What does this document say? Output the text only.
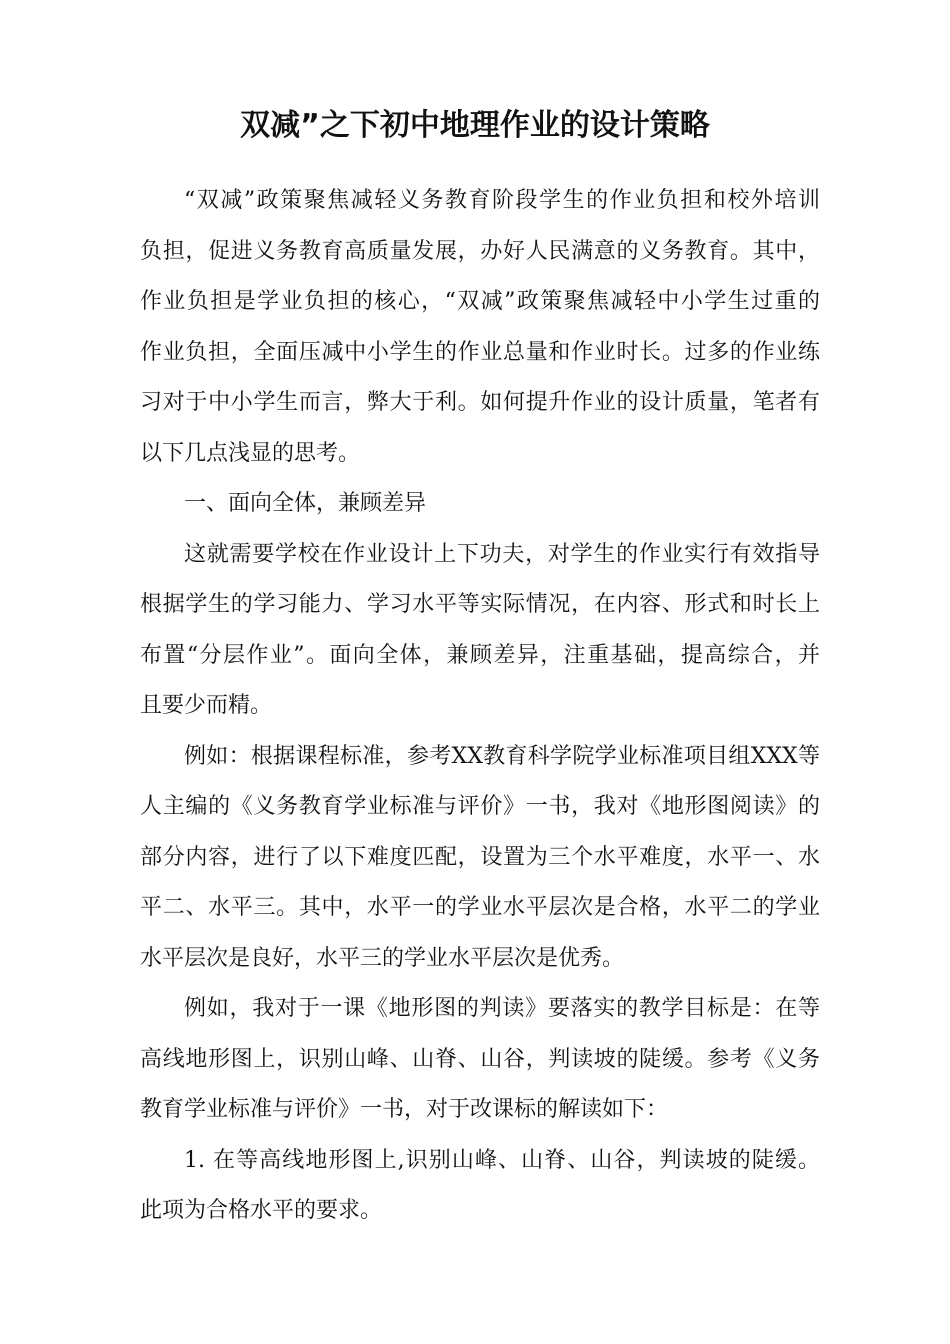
双减”之下初中地理作业的设计策略
“双减”政策聚焦减轻义务教育阶段学生的作业负担和校外培训
负担，促进义务教育高质量发展，办好人民满意的义务教育。其中，
作业负担是学业负担的核心，“双减”政策聚焦减轻中小学生过重的
作业负担，全面压减中小学生的作业总量和作业时长。过多的作业练
习对于中小学生而言，弊大于利。如何提升作业的设计质量，笔者有
以下几点浅显的思考。
一、面向全体，兼顾差异
这就需要学校在作业设计上下功夫，对学生的作业实行有效指导
根据学生的学习能力、学习水平等实际情况，在内容、形式和时长上
布置“分层作业”。面向全体，兼顾差异，注重基础，提高综合，并
且要少而精。
例如：根据课程标准，参考XX教育科学院学业标准项目组XXX等
人主编的《义务教育学业标准与评价》一书，我对《地形图阅读》的
部分内容，进行了以下难度匹配，设置为三个水平难度，水平一、水
平二、水平三。其中，水平一的学业水平层次是合格，水平二的学业
水平层次是良好，水平三的学业水平层次是优秀。
例如，我对于一课《地形图的判读》要落实的教学目标是：在等
高线地形图上，识别山峰、山脊、山谷，判读坡的陡缓。参考《义务
教育学业标准与评价》一书，对于改课标的解读如下：
1. 在等高线地形图上,识别山峰、山脊、山谷，判读坡的陡缓。
此项为合格水平的要求。
